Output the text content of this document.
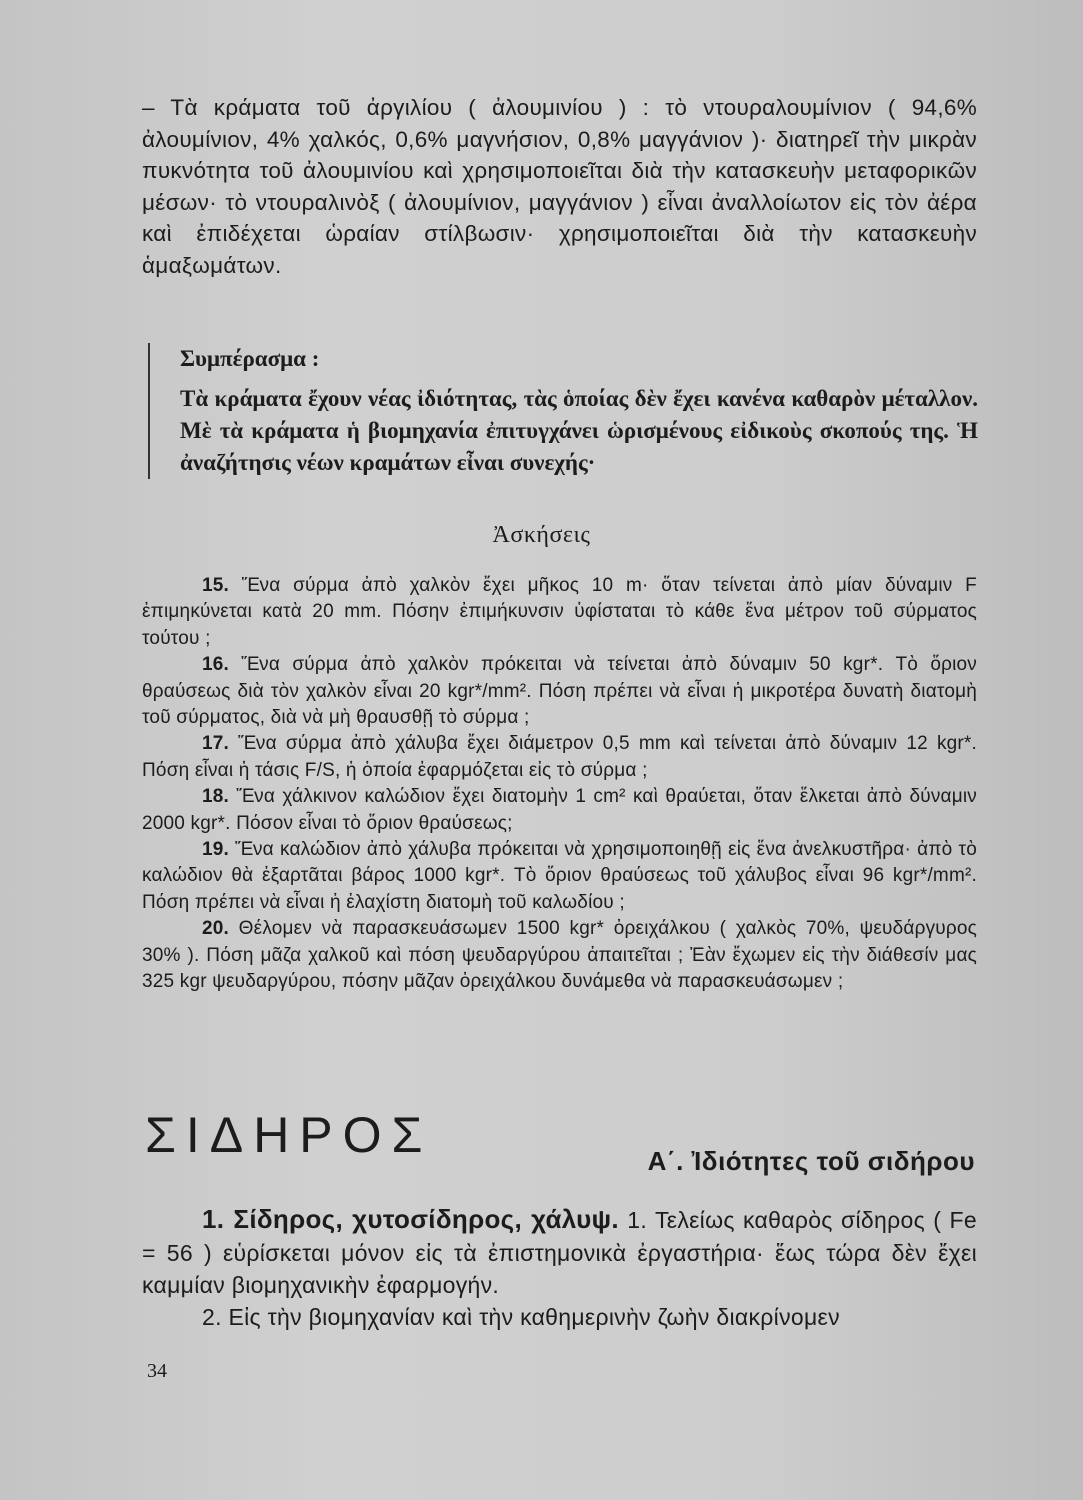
– Τὰ κράματα τοῦ ἀργιλίου ( ἀλουμινίου ) : τὸ ντουραλουμίνιον ( 94,6% ἀλουμίνιον, 4% χαλκός, 0,6% μαγνήσιον, 0,8% μαγγάνιον )· διατηρεῖ τὴν μικρὰν πυκνότητα τοῦ ἀλουμινίου καὶ χρησιμοποιεῖται διὰ τὴν κατασκευὴν μεταφορικῶν μέσων· τὸ ντουραλινὸξ ( ἀλουμίνιον, μαγγάνιον ) εἶναι ἀναλλοίωτον εἰς τὸν ἀέρα καὶ ἐπιδέχεται ὡραίαν στίλβωσιν· χρησιμοποιεῖται διὰ τὴν κατασκευὴν ἁμαξωμάτων.
Συμπέρασμα :
Τὰ κράματα ἔχουν νέας ἰδιότητας, τὰς ὁποίας δὲν ἔχει κανένα καθαρὸν μέταλλον. Μὲ τὰ κράματα ἡ βιομηχανία ἐπιτυγχάνει ὡρισμένους εἰδικοὺς σκοπούς της. Ἡ ἀναζήτησις νέων κραμάτων εἶναι συνεχής·
Ἀσκήσεις

15. Ἕνα σύρμα ἀπὸ χαλκὸν ἔχει μῆκος 10 m· ὅταν τείνεται ἀπὸ μίαν δύναμιν F ἐπιμηκύνεται κατὰ 20 mm. Πόσην ἐπιμήκυνσιν ὑφίσταται τὸ κάθε ἕνα μέτρον τοῦ σύρματος τούτου ;

16. Ἕνα σύρμα ἀπὸ χαλκὸν πρόκειται νὰ τείνεται ἀπὸ δύναμιν 50 kgr*. Τὸ ὅριον θραύσεως διὰ τὸν χαλκὸν εἶναι 20 kgr*/mm². Πόση πρέπει νὰ εἶναι ἡ μικροτέρα δυνατὴ διατομὴ τοῦ σύρματος, διὰ νὰ μὴ θραυσθῇ τὸ σύρμα ;

17. Ἕνα σύρμα ἀπὸ χάλυβα ἔχει διάμετρον 0,5 mm καὶ τείνεται ἀπὸ δύναμιν 12 kgr*. Πόση εἶναι ἡ τάσις F/S, ἡ ὁποία ἐφαρμόζεται εἰς τὸ σύρμα ;

18. Ἕνα χάλκινον καλώδιον ἔχει διατομὴν 1 cm² καὶ θραύεται, ὅταν ἕλκεται ἀπὸ δύναμιν 2000 kgr*. Πόσον εἶναι τὸ ὅριον θραύσεως;

19. Ἕνα καλώδιον ἀπὸ χάλυβα πρόκειται νὰ χρησιμοποιηθῇ εἰς ἕνα ἀνελκυστῆρα· ἀπὸ τὸ καλώδιον θὰ ἐξαρτᾶται βάρος 1000 kgr*. Τὸ ὅριον θραύσεως τοῦ χάλυβος εἶναι 96 kgr*/mm². Πόση πρέπει νὰ εἶναι ἡ ἐλαχίστη διατομὴ τοῦ καλωδίου ;

20. Θέλομεν νὰ παρασκευάσωμεν 1500 kgr* ὀρειχάλκου ( χαλκὸς 70%, ψευδάργυρος 30% ). Πόση μᾶζα χαλκοῦ καὶ πόση ψευδαργύρου ἀπαιτεῖται ; Ἐὰν ἔχωμεν εἰς τὴν διάθεσίν μας 325 kgr ψευδαργύρου, πόσην μᾶζαν ὀρειχάλκου δυνάμεθα νὰ παρασκευάσωμεν ;

ΣΙΔΗΡΟΣ	Α΄. Ἰδιότητες τοῦ σιδήρου
1. Σίδηρος, χυτοσίδηρος, χάλυψ. 1. Τελείως καθαρὸς σίδηρος ( Fe = 56 ) εὑρίσκεται μόνον εἰς τὰ ἐπιστημονικὰ ἐργαστήρια· ἕως τώρα δὲν ἔχει καμμίαν βιομηχανικὴν ἐφαρμογήν.
2. Εἰς τὴν βιομηχανίαν καὶ τὴν καθημερινὴν ζωὴν διακρίνομεν
34
